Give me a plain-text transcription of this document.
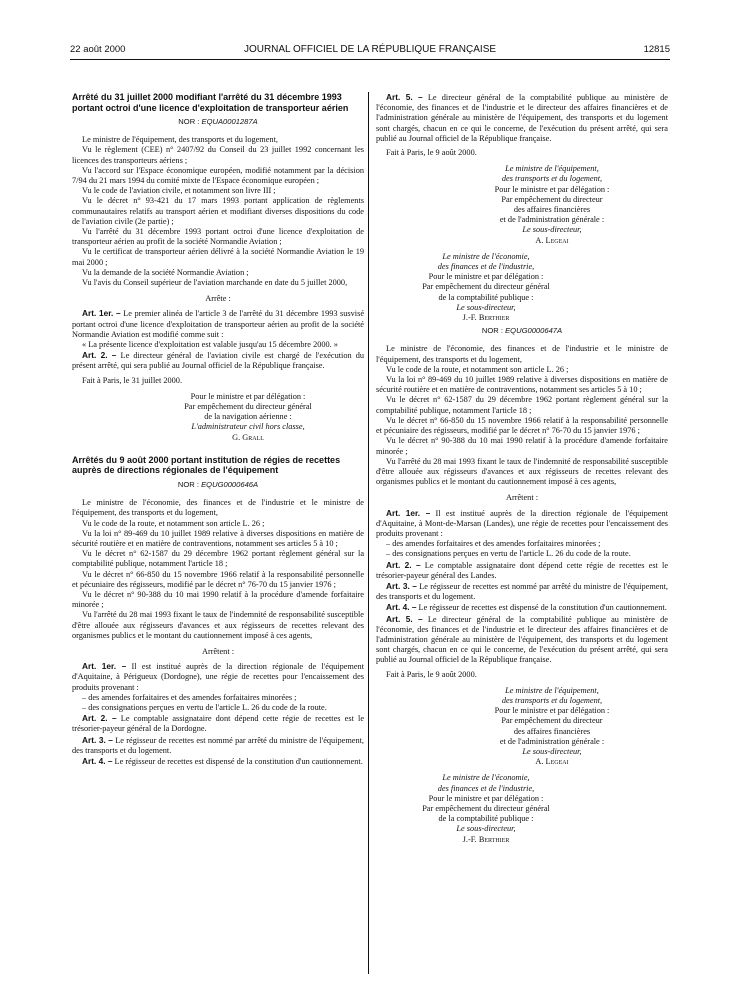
22 août 2000	JOURNAL OFFICIEL DE LA RÉPUBLIQUE FRANÇAISE	12815
Arrêté du 31 juillet 2000 modifiant l'arrêté du 31 décembre 1993 portant octroi d'une licence d'exploitation de transporteur aérien
NOR : EQUA0001287A

Le ministre de l'équipement, des transports et du logement,

Vu le règlement (CEE) n° 2407/92 du Conseil du 23 juillet 1992 concernant les licences des transporteurs aériens ;

Vu l'accord sur l'Espace économique européen, modifié notamment par la décision 7/94 du 21 mars 1994 du comité mixte de l'Espace économique européen ;

Vu le code de l'aviation civile, et notamment son livre III ;

Vu le décret n° 93-421 du 17 mars 1993 portant application de règlements communautaires relatifs au transport aérien et modifiant diverses dispositions du code de l'aviation civile (2e partie) ;

Vu l'arrêté du 31 décembre 1993 portant octroi d'une licence d'exploitation de transporteur aérien au profit de la société Normandie Aviation ;

Vu le certificat de transporteur aérien délivré à la société Normandie Aviation le 19 mai 2000 ;

Vu la demande de la société Normandie Aviation ;

Vu l'avis du Conseil supérieur de l'aviation marchande en date du 5 juillet 2000,

Arrête :

Art. 1er. – Le premier alinéa de l'article 3 de l'arrêté du 31 décembre 1993 susvisé portant octroi d'une licence d'exploitation de transporteur aérien au profit de la société Normandie Aviation est modifié comme suit :

« La présente licence d'exploitation est valable jusqu'au 15 décembre 2000. »

Art. 2. – Le directeur général de l'aviation civile est chargé de l'exécution du présent arrêté, qui sera publié au Journal officiel de la République française.

Fait à Paris, le 31 juillet 2000.

Pour le ministre et par délégation :
Par empêchement du directeur général
de la navigation aérienne :
L'administrateur civil hors classe,
G. Grall
Arrêtés du 9 août 2000 portant institution de régies de recettes auprès de directions régionales de l'équipement
NOR : EQUG0000646A

Le ministre de l'économie, des finances et de l'industrie et le ministre de l'équipement, des transports et du logement,

Vu le code de la route, et notamment son article L. 26 ;

Vu la loi n° 89-469 du 10 juillet 1989 relative à diverses dispositions en matière de sécurité routière et en matière de contraventions, notamment ses articles 5 à 10 ;

Vu le décret n° 62-1587 du 29 décembre 1962 portant règlement général sur la comptabilité publique, notamment l'article 18 ;

Vu le décret n° 66-850 du 15 novembre 1966 relatif à la responsabilité personnelle et pécuniaire des régisseurs, modifié par le décret n° 76-70 du 15 janvier 1976 ;

Vu le décret n° 90-388 du 10 mai 1990 relatif à la procédure d'amende forfaitaire minorée ;

Vu l'arrêté du 28 mai 1993 fixant le taux de l'indemnité de responsabilité susceptible d'être allouée aux régisseurs d'avances et aux régisseurs de recettes relevant des organismes publics et le montant du cautionnement imposé à ces agents,

Arrêtent :

Art. 1er. – Il est institué auprès de la direction régionale de l'équipement d'Aquitaine, à Périgueux (Dordogne), une régie de recettes pour l'encaissement des produits provenant :

– des amendes forfaitaires et des amendes forfaitaires minorées ;

– des consignations perçues en vertu de l'article L. 26 du code de la route.

Art. 2. – Le comptable assignataire dont dépend cette régie de recettes est le trésorier-payeur général de la Dordogne.

Art. 3. – Le régisseur de recettes est nommé par arrêté du ministre de l'équipement, des transports et du logement.

Art. 4. – Le régisseur de recettes est dispensé de la constitution d'un cautionnement.

Art. 5. – Le directeur général de la comptabilité publique au ministère de l'économie, des finances et de l'industrie et le directeur des affaires financières et de l'administration générale au ministère de l'équipement, des transports et du logement sont chargés, chacun en ce qui le concerne, de l'exécution du présent arrêté, qui sera publié au Journal officiel de la République française.

Fait à Paris, le 9 août 2000.

Le ministre de l'équipement,
des transports et du logement,
Pour le ministre et par délégation :
Par empêchement du directeur
des affaires financières
et de l'administration générale :
Le sous-directeur,
A. Legeai
Le ministre de l'économie,
des finances et de l'industrie,
Pour le ministre et par délégation :
Par empêchement du directeur général
de la comptabilité publique :
Le sous-directeur,
J.-F. Berthier
NOR : EQUG0000647A

Le ministre de l'économie, des finances et de l'industrie et le ministre de l'équipement, des transports et du logement,

Vu le code de la route, et notamment son article L. 26 ;

Vu la loi n° 89-469 du 10 juillet 1989 relative à diverses dispositions en matière de sécurité routière et en matière de contraventions, notamment ses articles 5 à 10 ;

Vu le décret n° 62-1587 du 29 décembre 1962 portant règlement général sur la comptabilité publique, notamment l'article 18 ;

Vu le décret n° 66-850 du 15 novembre 1966 relatif à la responsabilité personnelle et pécuniaire des régisseurs, modifié par le décret n° 76-70 du 15 janvier 1976 ;

Vu le décret n° 90-388 du 10 mai 1990 relatif à la procédure d'amende forfaitaire minorée ;

Vu l'arrêté du 28 mai 1993 fixant le taux de l'indemnité de responsabilité susceptible d'être allouée aux régisseurs d'avances et aux régisseurs de recettes relevant des organismes publics et le montant du cautionnement imposé à ces agents,

Arrêtent :

Art. 1er. – Il est institué auprès de la direction régionale de l'équipement d'Aquitaine, à Mont-de-Marsan (Landes), une régie de recettes pour l'encaissement des produits provenant :

– des amendes forfaitaires et des amendes forfaitaires minorées ;

– des consignations perçues en vertu de l'article L. 26 du code de la route.

Art. 2. – Le comptable assignataire dont dépend cette régie de recettes est le trésorier-payeur général des Landes.

Art. 3. – Le régisseur de recettes est nommé par arrêté du ministre de l'équipement, des transports et du logement.

Art. 4. – Le régisseur de recettes est dispensé de la constitution d'un cautionnement.

Art. 5. – Le directeur général de la comptabilité publique au ministère de l'économie, des finances et de l'industrie et le directeur des affaires financières et de l'administration générale au ministère de l'équipement, des transports et du logement sont chargés, chacun en ce qui le concerne, de l'exécution du présent arrêté, qui sera publié au Journal officiel de la République française.

Fait à Paris, le 9 août 2000.

Le ministre de l'équipement,
des transports et du logement,
Pour le ministre et par délégation :
Par empêchement du directeur
des affaires financières
et de l'administration générale :
Le sous-directeur,
A. Legeai
Le ministre de l'économie,
des finances et de l'industrie,
Pour le ministre et par délégation :
Par empêchement du directeur général
de la comptabilité publique :
Le sous-directeur,
J.-F. Berthier
